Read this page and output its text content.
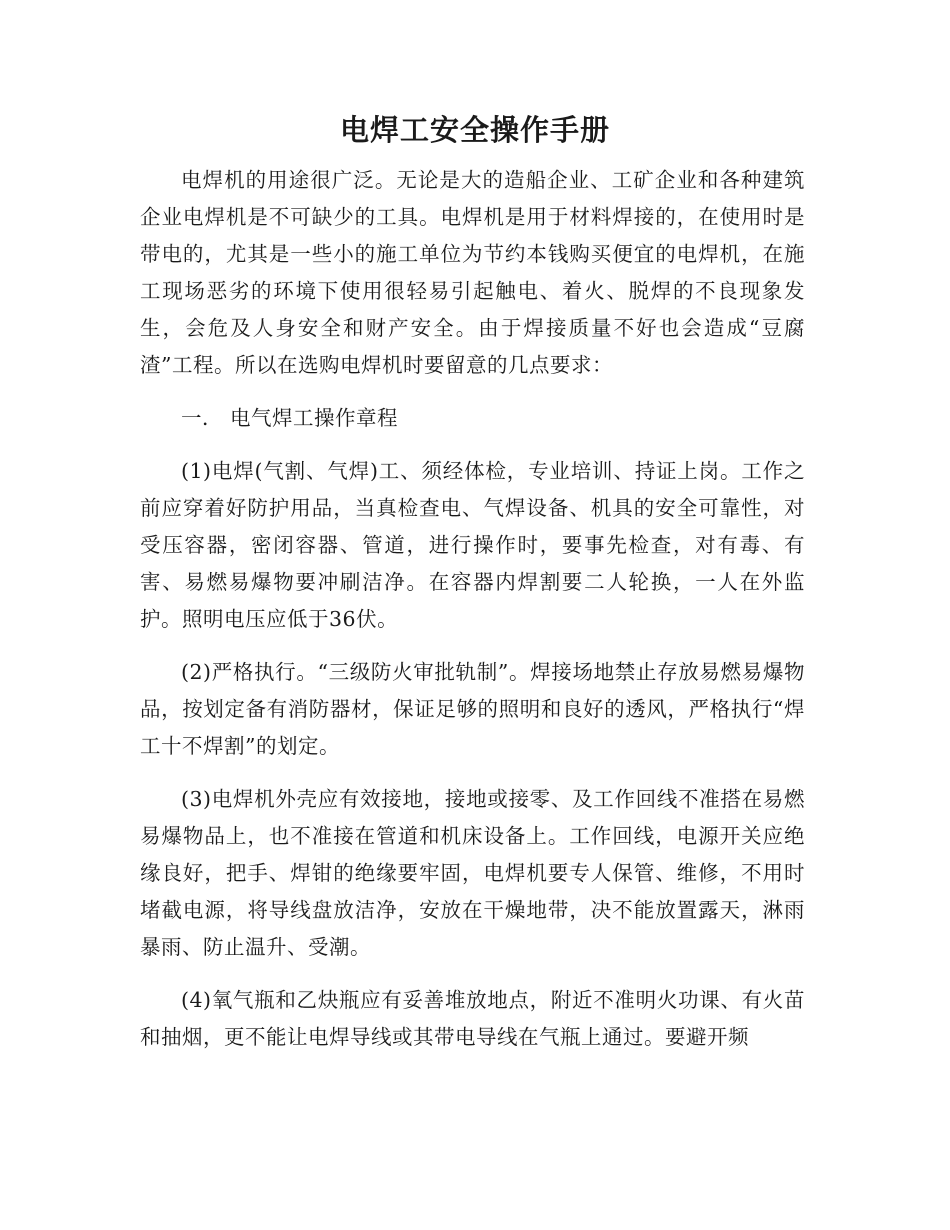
电焊工安全操作手册

电焊机的用途很广泛。无论是大的造船企业、工矿企业和各种建筑企业电焊机是不可缺少的工具。电焊机是用于材料焊接的，在使用时是带电的，尤其是一些小的施工单位为节约本钱购买便宜的电焊机，在施工现场恶劣的环境下使用很轻易引起触电、着火、脱焊的不良现象发生，会危及人身安全和财产安全。由于焊接质量不好也会造成“豆腐渣”工程。所以在选购电焊机时要留意的几点要求：

一． 电气焊工操作章程

(1)电焊(气割、气焊)工、须经体检，专业培训、持证上岗。工作之前应穿着好防护用品，当真检查电、气焊设备、机具的安全可靠性，对受压容器，密闭容器、管道，进行操作时，要事先检查，对有毒、有害、易燃易爆物要冲刷洁净。在容器内焊割要二人轮换，一人在外监护。照明电压应低于36伏。

(2)严格执行。“三级防火审批轨制”。焊接场地禁止存放易燃易爆物品，按划定备有消防器材，保证足够的照明和良好的透风，严格执行“焊工十不焊割”的划定。

(3)电焊机外壳应有效接地，接地或接零、及工作回线不准搭在易燃易爆物品上，也不准接在管道和机床设备上。工作回线，电源开关应绝缘良好，把手、焊钳的绝缘要牢固，电焊机要专人保管、维修，不用时堵截电源，将导线盘放洁净，安放在干燥地带，决不能放置露天，淋雨暴雨、防止温升、受潮。

(4)氧气瓶和乙炔瓶应有妥善堆放地点，附近不准明火功课、有火苗和抽烟，更不能让电焊导线或其带电导线在气瓶上通过。要避开频
